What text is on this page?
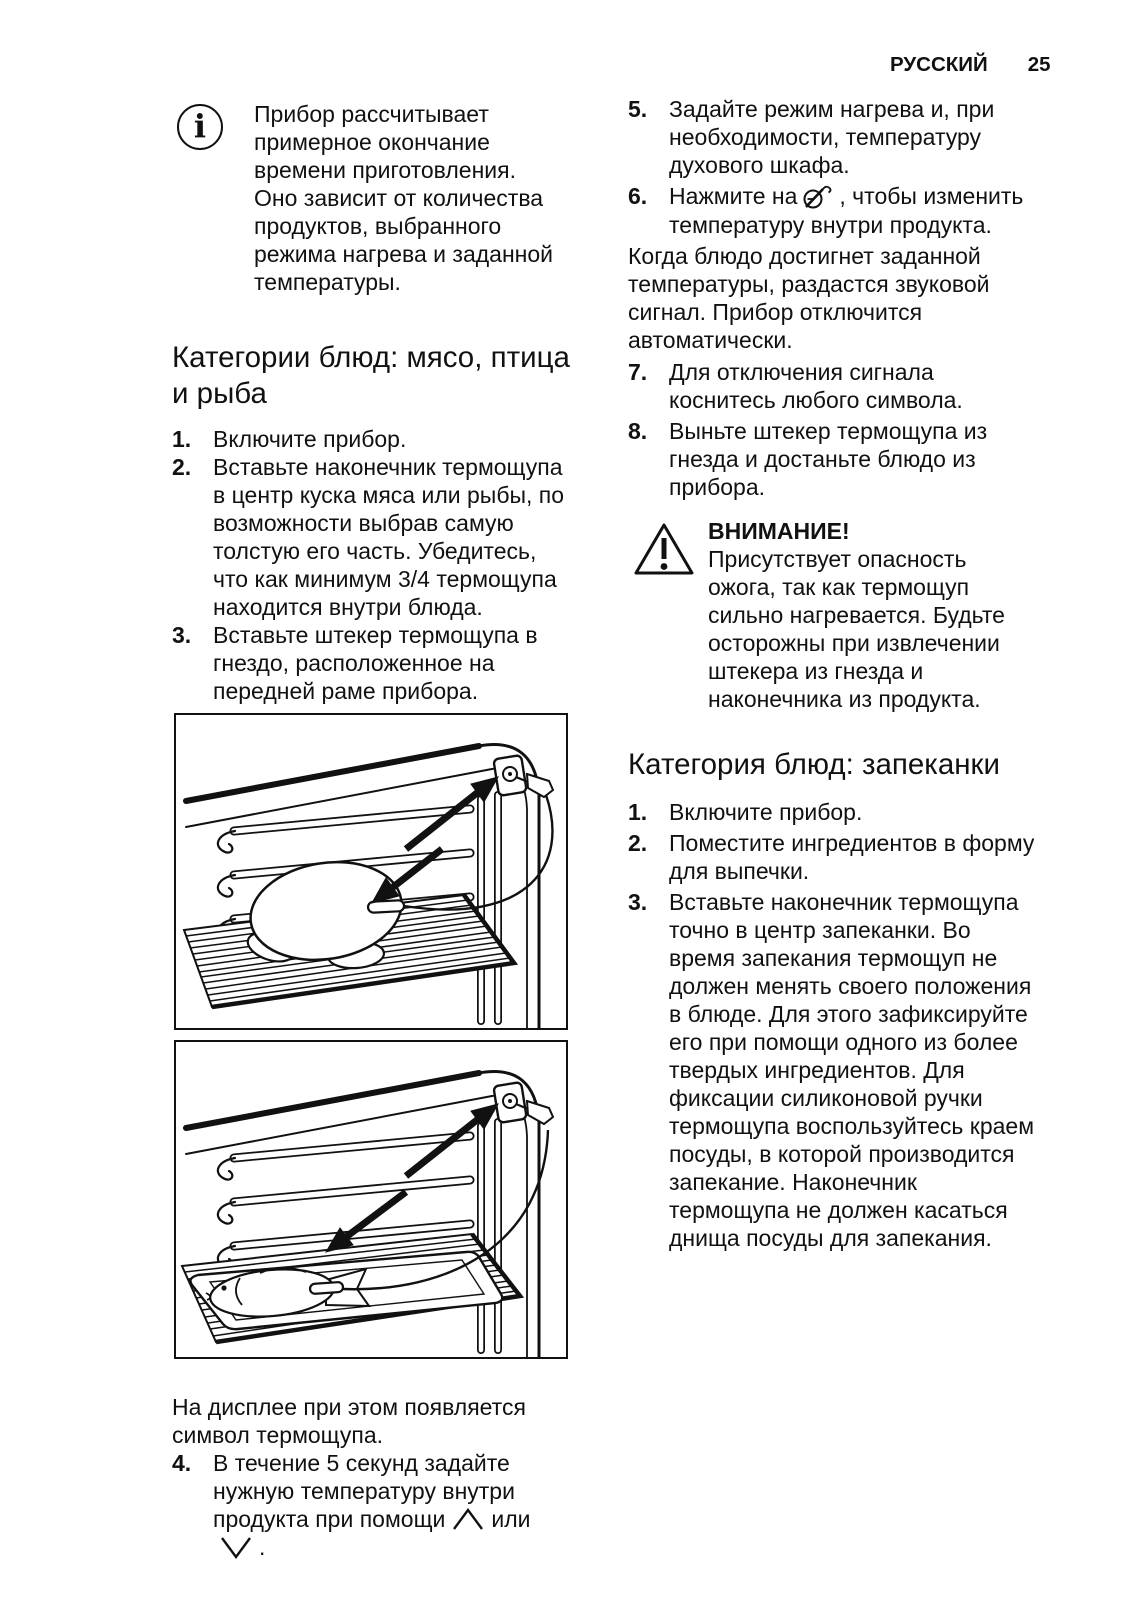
РУССКИЙ 25
i	Прибор рассчитывает примерное окончание времени приготовления. Оно зависит от количества продуктов, выбранного режима нагрева и заданной температуры.
Категории блюд: мясо, птица и рыба
1. Включите прибор.
2. Вставьте наконечник термощупа в центр куска мяса или рыбы, по возможности выбрав самую толстую его часть. Убедитесь, что как минимум 3/4 термощупа находится внутри блюда.
3. Вставьте штекер термощупа в гнездо, расположенное на передней раме прибора.

На дисплее при этом появляется символ термощупа.

4. В течение 5 секунд задайте нужную температуру внутри продукта при помощи или.
5. Задайте режим нагрева и, при необходимости, температуру духового шкафа.
6. Нажмите на , чтобы изменить температуру внутри продукта.

Когда блюдо достигнет заданной температуры, раздастся звуковой сигнал. Прибор отключится автоматически.

7. Для отключения сигнала коснитесь любого символа.
8. Выньте штекер термощупа из гнезда и достаньте блюдо из прибора.
ВНИМАНИЕ!
Присутствует опасность ожога, так как термощуп сильно нагревается. Будьте осторожны при извлечении штекера из гнезда и наконечника из продукта.
Категория блюд: запеканки
1. Включите прибор.
2. Поместите ингредиентов в форму для выпечки.
3. Вставьте наконечник термощупа точно в центр запеканки. Во время запекания термощуп не должен менять своего положения в блюде. Для этого зафиксируйте его при помощи одного из более твердых ингредиентов. Для фиксации силиконовой ручки термощупа воспользуйтесь краем посуды, в которой производится запекание. Наконечник термощупа не должен касаться днища посуды для запекания.
